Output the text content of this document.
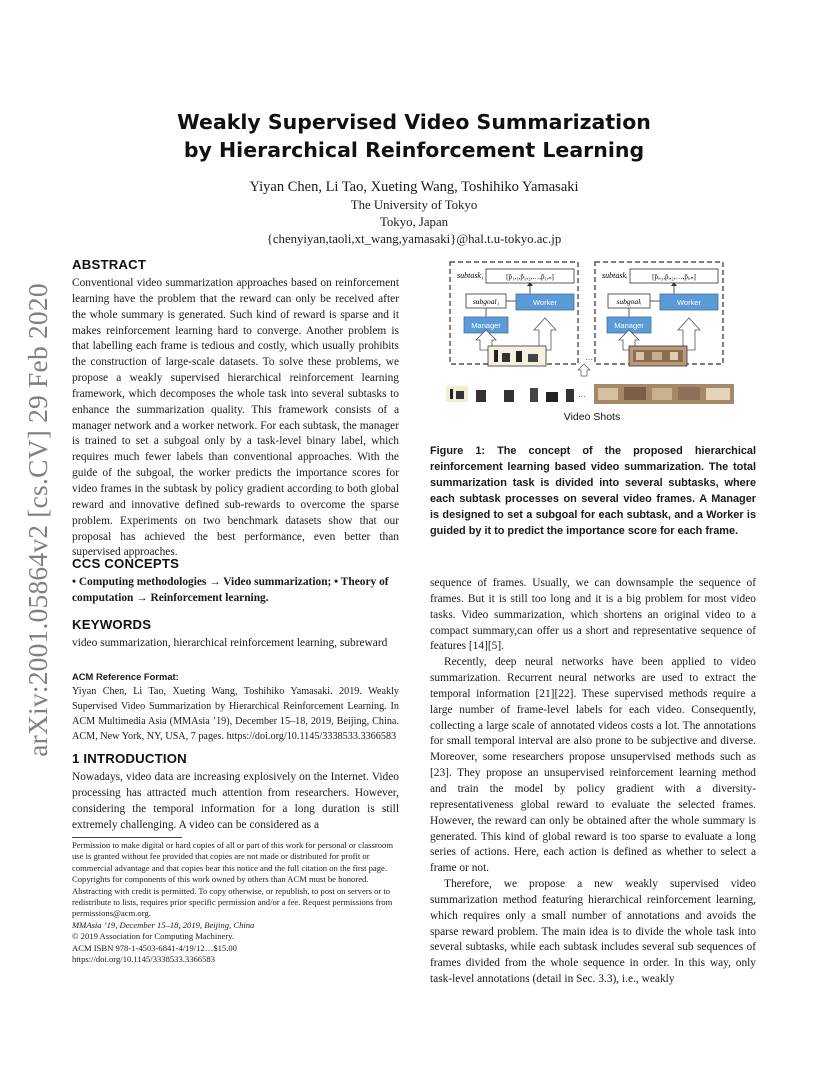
arXiv:2001.05864v2 [cs.CV] 29 Feb 2020
Weakly Supervised Video Summarization
by Hierarchical Reinforcement Learning
Yiyan Chen, Li Tao, Xueting Wang, Toshihiko Yamasaki
The University of Tokyo
Tokyo, Japan
{chenyiyan,taoli,xt_wang,yamasaki}@hal.t.u-tokyo.ac.jp
ABSTRACT
Conventional video summarization approaches based on reinforcement learning have the problem that the reward can only be received after the whole summary is generated. Such kind of reward is sparse and it makes reinforcement learning hard to converge. Another problem is that labelling each frame is tedious and costly, which usually prohibits the construction of large-scale datasets. To solve these problems, we propose a weakly supervised hierarchical reinforcement learning framework, which decomposes the whole task into several subtasks to enhance the summarization quality. This framework consists of a manager network and a worker network. For each subtask, the manager is trained to set a subgoal only by a task-level binary label, which requires much fewer labels than conventional approaches. With the guide of the subgoal, the worker predicts the importance scores for video frames in the subtask by policy gradient according to both global reward and innovative defined sub-rewards to overcome the sparse problem. Experiments on two benchmark datasets show that our proposal has achieved the best performance, even better than supervised approaches.
CCS CONCEPTS
• Computing methodologies → Video summarization; • Theory of computation → Reinforcement learning.
KEYWORDS
video summarization, hierarchical reinforcement learning, subreward
ACM Reference Format:
Yiyan Chen, Li Tao, Xueting Wang, Toshihiko Yamasaki. 2019. Weakly Supervised Video Summarization by Hierarchical Reinforcement Learning. In ACM Multimedia Asia (MMAsia ’19), December 15–18, 2019, Beijing, China. ACM, New York, NY, USA, 7 pages. https://doi.org/10.1145/3338533.3366583
1 INTRODUCTION
Nowadays, video data are increasing explosively on the Internet. Video processing has attracted much attention from researchers. However, considering the temporal information for a long duration is still extremely challenging. A video can be considered as a

Permission to make digital or hard copies of all or part of this work for personal or classroom use is granted without fee provided that copies are not made or distributed for profit or commercial advantage and that copies bear this notice and the full citation on the first page. Copyrights for components of this work owned by others than ACM must be honored. Abstracting with credit is permitted. To copy otherwise, or republish, to post on servers or to redistribute to lists, requires prior specific permission and/or a fee. Request permissions from permissions@acm.org.

MMAsia ’19, December 15–18, 2019, Beijing, China

© 2019 Association for Computing Machinery.

ACM ISBN 978-1-4503-6841-4/19/12…$15.00

https://doi.org/10.1145/3338533.3366583

subtask₁	[p̂₁,₁,p̂₁,₂,…,p̂₁,ₙ]
subgoal₁	Worker
Manager
···
subtaskᵢ	[p̂ᵢ,₁,p̂ᵢ,₂,…,p̂ᵢ,ₙ]
subgoalᵢ	Worker
Manager
···
Video Shots
Figure 1: The concept of the proposed hierarchical reinforcement learning based video summarization. The total summarization task is divided into several subtasks, where each subtask processes on several video frames. A Manager is designed to set a subgoal for each subtask, and a Worker is guided by it to predict the importance score for each frame.

sequence of frames. Usually, we can downsample the sequence of frames. But it is still too long and it is a big problem for most video tasks. Video summarization, which shortens an original video to a compact summary,can offer us a short and representative sequence of features [14][5].

Recently, deep neural networks have been applied to video summarization. Recurrent neural networks are used to extract the temporal information [21][22]. These supervised methods require a large number of frame-level labels for each video. Consequently, collecting a large scale of annotated videos costs a lot. The annotations for small temporal interval are also prone to be subjective and diverse. Moreover, some researchers propose unsupervised methods such as [23]. They propose an unsupervised reinforcement learning method and train the model by policy gradient with a diversity-representativeness global reward to evaluate the selected frames. However, the reward can only be obtained after the whole summary is generated. This kind of global reward is too sparse to evaluate a long series of actions. Here, each action is defined as whether to select a frame or not.

Therefore, we propose a new weakly supervised video summarization method featuring hierarchical reinforcement learning, which requires only a small number of annotations and avoids the sparse reward problem. The main idea is to divide the whole task into several subtasks, while each subtask includes several sub sequences of frames divided from the whole sequence in order. In this way, only task-level annotations (detail in Sec. 3.3), i.e., weakly
